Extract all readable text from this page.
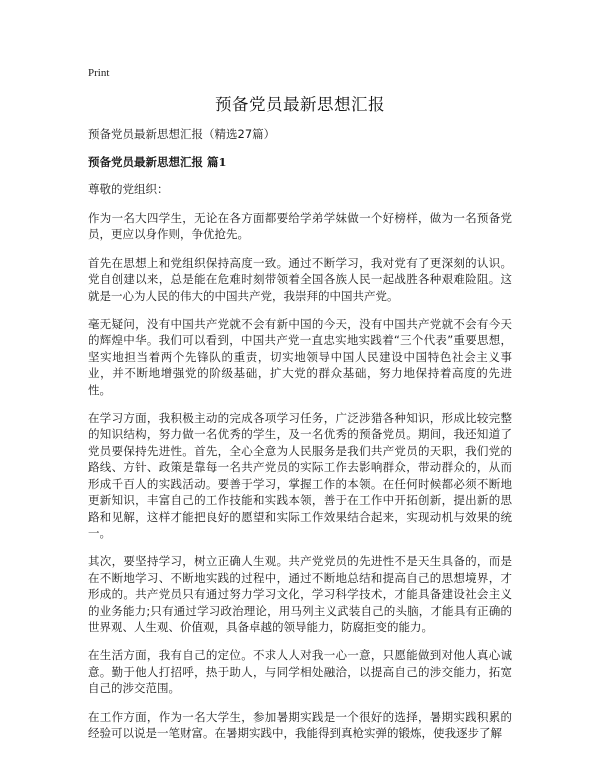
Print
预备党员最新思想汇报
预备党员最新思想汇报（精选27篇）
预备党员最新思想汇报 篇1
尊敬的党组织：

作为一名大四学生，无论在各方面都要给学弟学妹做一个好榜样，做为一名预备党员，更应以身作则，争优抢先。

首先在思想上和党组织保持高度一致。通过不断学习，我对党有了更深刻的认识。党自创建以来，总是能在危难时刻带领着全国各族人民一起战胜各种艰难险阻。这就是一心为人民的伟大的中国共产党，我崇拜的中国共产党。

毫无疑问，没有中国共产党就不会有新中国的今天，没有中国共产党就不会有今天的辉煌中华。我们可以看到，中国共产党一直忠实地实践着“三个代表”重要思想，坚实地担当着两个先锋队的重责，切实地领导中国人民建设中国特色社会主义事业，并不断地增强党的阶级基础，扩大党的群众基础，努力地保持着高度的先进性。

在学习方面，我积极主动的完成各项学习任务，广泛涉猎各种知识，形成比较完整的知识结构，努力做一名优秀的学生，及一名优秀的预备党员。期间，我还知道了党员要保持先进性。首先，全心全意为人民服务是我们共产党员的天职，我们党的路线、方针、政策是靠每一名共产党员的实际工作去影响群众，带动群众的，从而形成千百人的实践活动。要善于学习，掌握工作的本领。在任何时候都必须不断地更新知识，丰富自己的工作技能和实践本领，善于在工作中开拓创新，提出新的思路和见解，这样才能把良好的愿望和实际工作效果结合起来，实现动机与效果的统一。

其次，要坚持学习，树立正确人生观。共产党党员的先进性不是天生具备的，而是在不断地学习、不断地实践的过程中，通过不断地总结和提高自己的思想境界，才形成的。共产党员只有通过努力学习文化，学习科学技术，才能具备建设社会主义的业务能力;只有通过学习政治理论，用马列主义武装自己的头脑，才能具有正确的世界观、人生观、价值观，具备卓越的领导能力，防腐拒变的能力。

在生活方面，我有自己的定位。不求人人对我一心一意，只愿能做到对他人真心诚意。勤于他人打招呼，热于助人，与同学相处融洽，以提高自己的涉交能力，拓宽自己的涉交范围。

在工作方面，作为一名大学生，参加暑期实践是一个很好的选择，暑期实践积累的经验可以说是一笔财富。在暑期实践中，我能得到真枪实弹的锻炼，使我逐步了解
